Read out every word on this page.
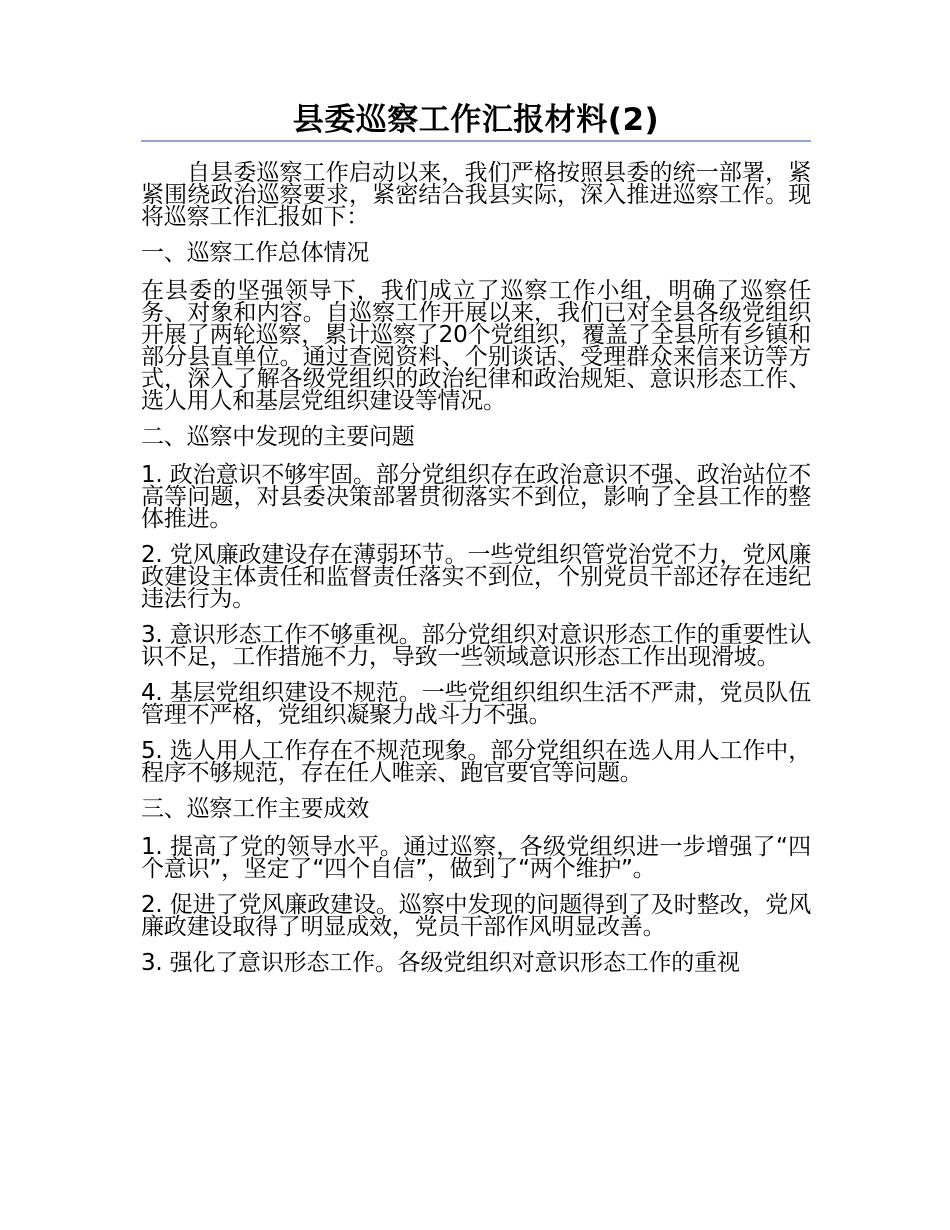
县委巡察工作汇报材料(2)

自县委巡察工作启动以来，我们严格按照县委的统一部署，紧紧围绕政治巡察要求，紧密结合我县实际，深入推进巡察工作。现将巡察工作汇报如下：

一、巡察工作总体情况

在县委的坚强领导下，我们成立了巡察工作小组，明确了巡察任务、对象和内容。自巡察工作开展以来，我们已对全县各级党组织开展了两轮巡察，累计巡察了20个党组织，覆盖了全县所有乡镇和部分县直单位。通过查阅资料、个别谈话、受理群众来信来访等方式，深入了解各级党组织的政治纪律和政治规矩、意识形态工作、选人用人和基层党组织建设等情况。

二、巡察中发现的主要问题

1. 政治意识不够牢固。部分党组织存在政治意识不强、政治站位不高等问题，对县委决策部署贯彻落实不到位，影响了全县工作的整体推进。

2. 党风廉政建设存在薄弱环节。一些党组织管党治党不力，党风廉政建设主体责任和监督责任落实不到位，个别党员干部还存在违纪违法行为。

3. 意识形态工作不够重视。部分党组织对意识形态工作的重要性认识不足，工作措施不力，导致一些领域意识形态工作出现滑坡。

4. 基层党组织建设不规范。一些党组织组织生活不严肃，党员队伍管理不严格，党组织凝聚力战斗力不强。

5. 选人用人工作存在不规范现象。部分党组织在选人用人工作中，程序不够规范，存在任人唯亲、跑官要官等问题。

三、巡察工作主要成效

1. 提高了党的领导水平。通过巡察，各级党组织进一步增强了“四个意识”，坚定了“四个自信”，做到了“两个维护”。

2. 促进了党风廉政建设。巡察中发现的问题得到了及时整改，党风廉政建设取得了明显成效，党员干部作风明显改善。

3. 强化了意识形态工作。各级党组织对意识形态工作的重视
